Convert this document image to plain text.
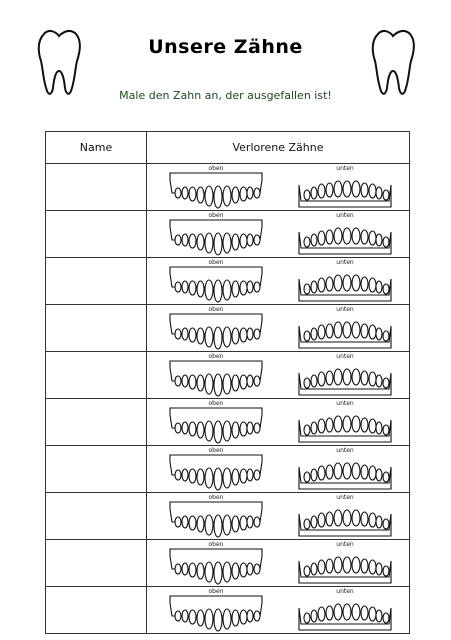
Unsere Zähne
Male den Zahn an, der ausgefallen ist!
Name	Verlorene Zähne

	oben unten

	oben unten

	oben unten

	oben unten

	oben unten

	oben unten

	oben unten

	oben unten

	oben unten

	oben unten
